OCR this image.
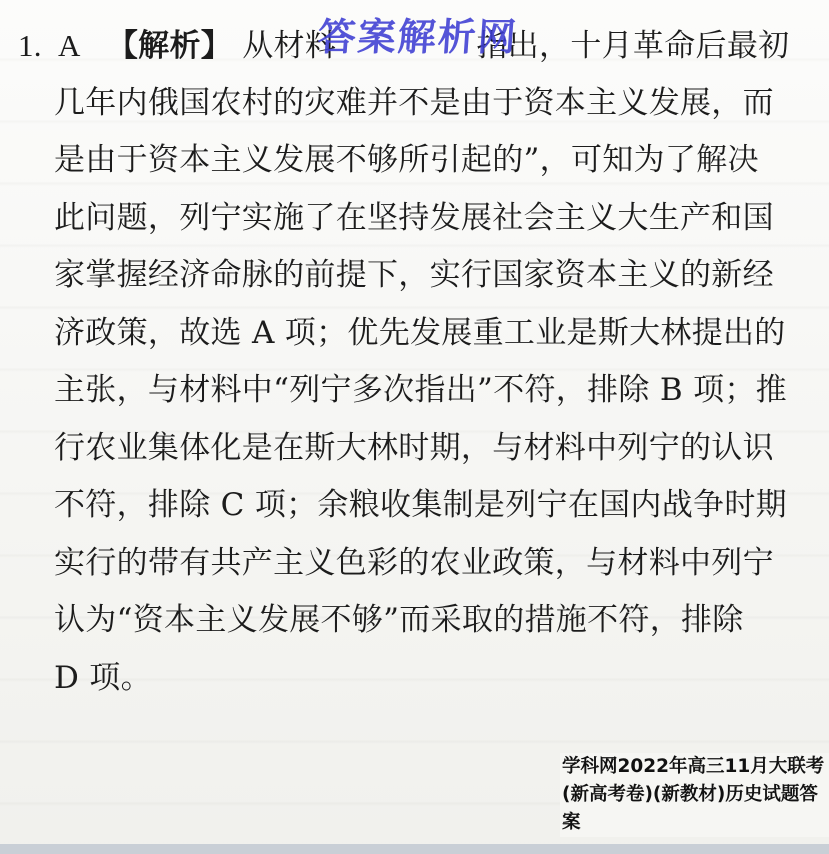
答案解析网
1. A 【解析】 从材料	指出，十月革命后最初
几年内俄国农村的灾难并不是由于资本主义发展，而
是由于资本主义发展不够所引起的”，可知为了解决
此问题，列宁实施了在坚持发展社会主义大生产和国
家掌握经济命脉的前提下，实行国家资本主义的新经
济政策，故选 A 项；优先发展重工业是斯大林提出的
主张，与材料中“列宁多次指出”不符，排除 B 项；推
行农业集体化是在斯大林时期，与材料中列宁的认识
不符，排除 C 项；余粮收集制是列宁在国内战争时期
实行的带有共产主义色彩的农业政策，与材料中列宁
认为“资本主义发展不够”而采取的措施不符，排除
D 项。
学科网2022年高三11月大联考(新高考卷)(新教材)历史试题答案
